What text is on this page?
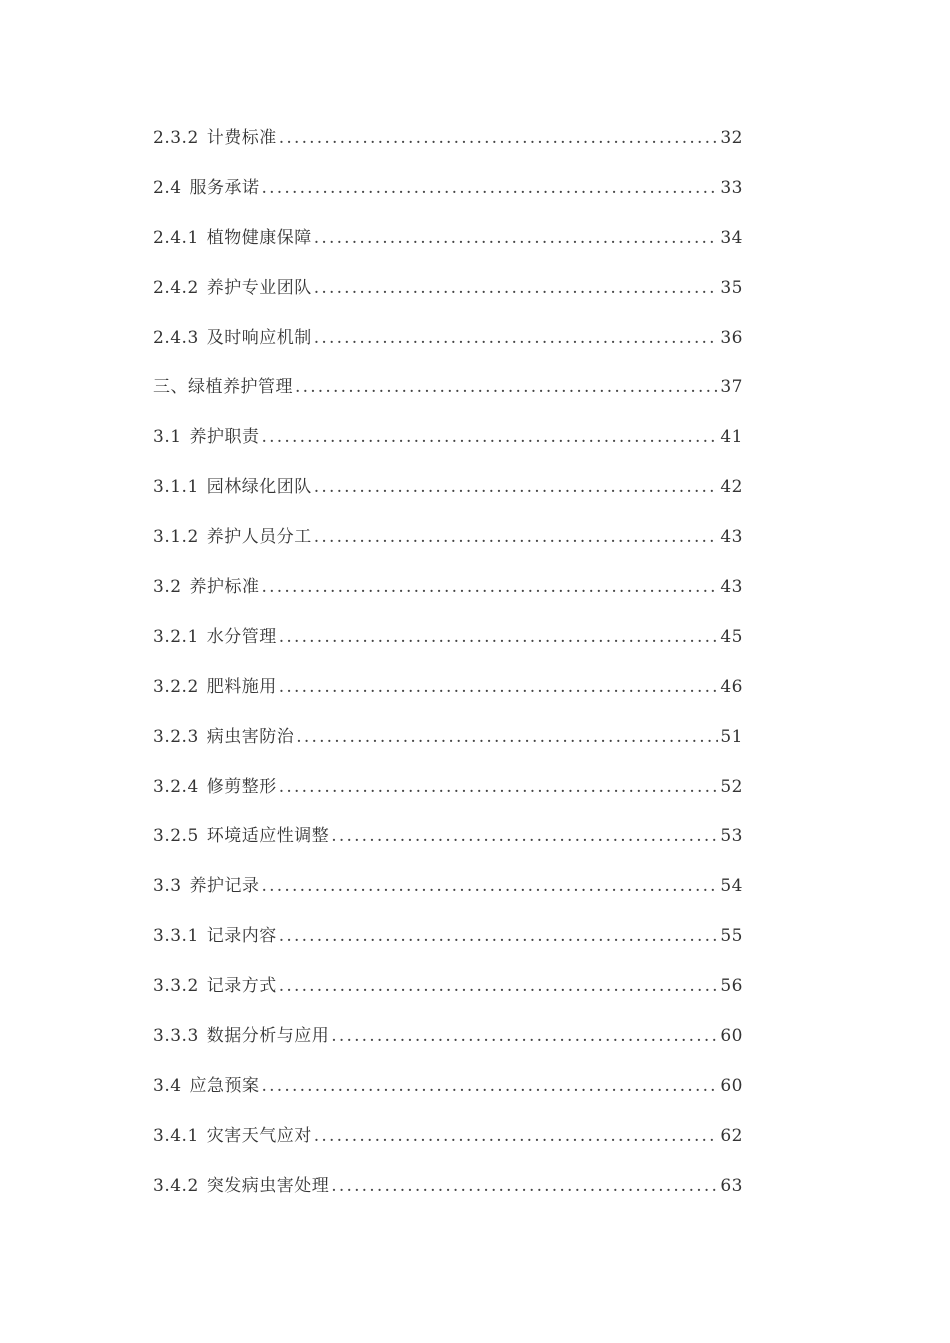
2.3.2 计费标准 .....	32
2.4 服务承诺 .....	33
2.4.1 植物健康保障 .....	34
2.4.2 养护专业团队 .....	35
2.4.3 及时响应机制 .....	36
三、 绿植养护管理 .....	37
3.1 养护职责 .....	41
3.1.1 园林绿化团队 .....	42
3.1.2 养护人员分工 .....	43
3.2 养护标准 .....	43
3.2.1 水分管理 .....	45
3.2.2 肥料施用 .....	46
3.2.3 病虫害防治 .....	51
3.2.4 修剪整形 .....	52
3.2.5 环境适应性调整 .....	53
3.3 养护记录 .....	54
3.3.1 记录内容 .....	55
3.3.2 记录方式 .....	56
3.3.3 数据分析与应用 .....	60
3.4 应急预案 .....	60
3.4.1 灾害天气应对 .....	62
3.4.2 突发病虫害处理 .....	63
